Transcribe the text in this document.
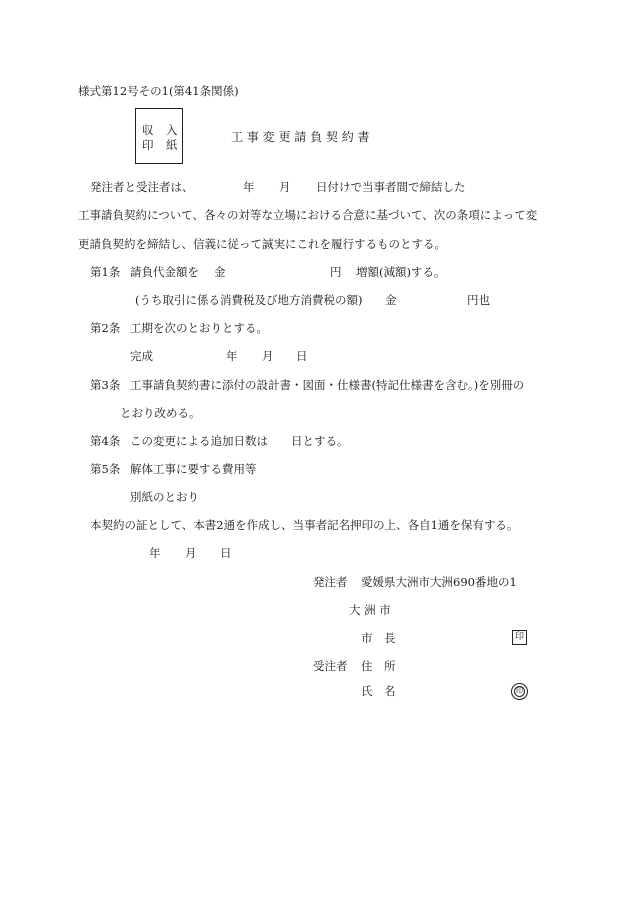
様式第12号その1(第41条関係)
収 入
印 紙
工 事 変 更 請 負 契 約 書
発注者と受注者は、	年 月 日付けで当事者間で締結した
工事請負契約について、各々の対等な立場における合意に基づいて、次の条項によって変
更請負契約を締結し、信義に従って誠実にこれを履行するものとする。
第1条 請負代金額を 金	円 増額(減額)する。
(うち取引に係る消費税及び地方消費税の額) 金	円也
第2条 工期を次のとおりとする。
完成	年 月 日
第3条 工事請負契約書に添付の設計書・図面・仕様書(特記仕様書を含む。)を別冊の
とおり改める。
第4条 この変更による追加日数は 日とする。
第5条 解体工事に要する費用等
別紙のとおり
本契約の証として、本書2通を作成し、当事者記名押印の上、各自1通を保有する。
年 月 日
発注者 愛媛県大洲市大洲690番地の1
大 洲 市
市　長	印
受注者 住　所
氏　名	印
